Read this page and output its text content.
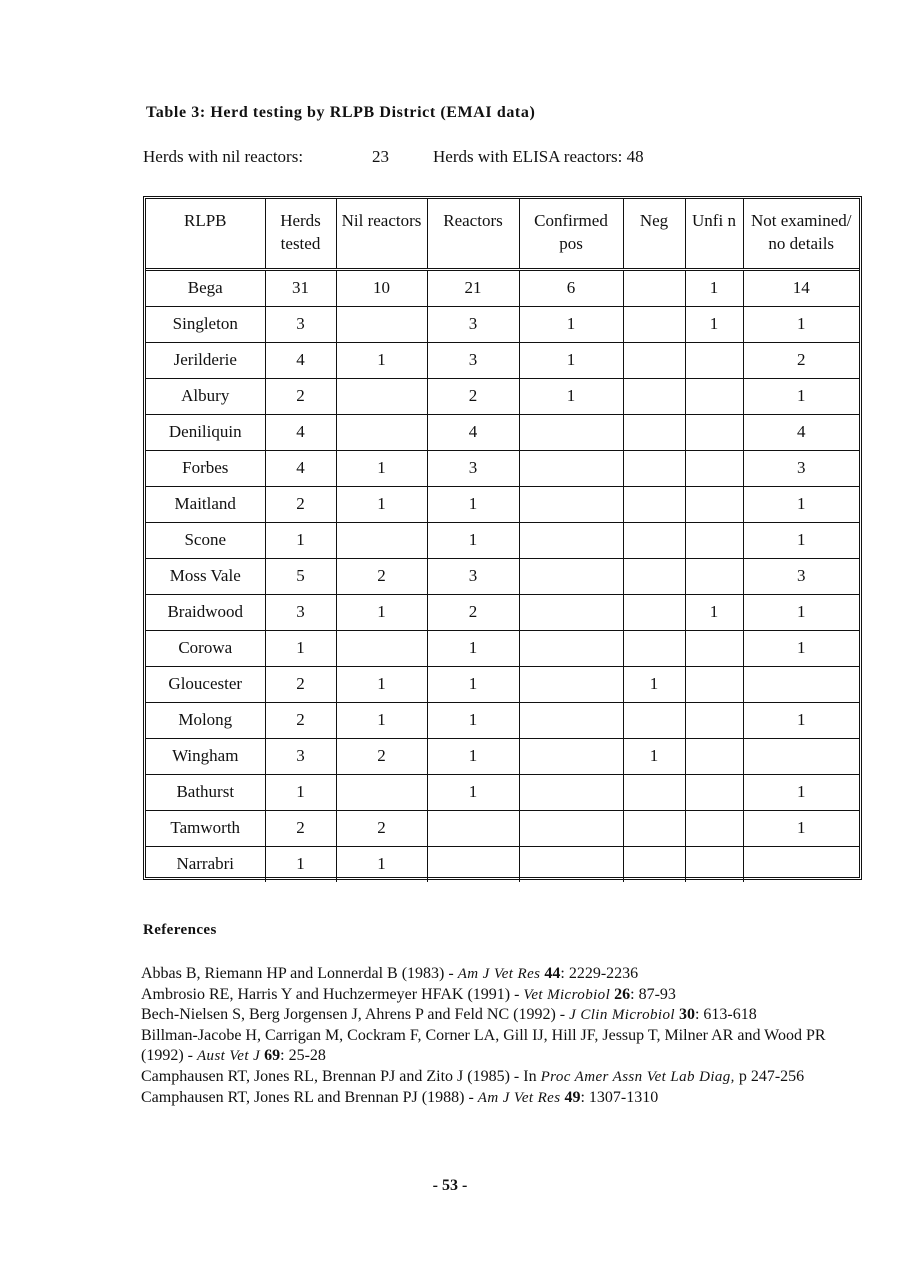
Table 3: Herd testing by RLPB District (EMAI data)
Herds with nil reactors:	23	Herds with ELISA reactors: 48
RLPB	Herds tested	Nil reactors	Reactors	Confirmed pos	Neg	Unfi n	Not examined/ no details
Bega	31	10	21	6		1	14
Singleton	3		3	1		1	1
Jerilderie	4	1	3	1			2
Albury	2		2	1			1
Deniliquin	4		4				4
Forbes	4	1	3				3
Maitland	2	1	1				1
Scone	1		1				1
Moss Vale	5	2	3				3
Braidwood	3	1	2			1	1
Corowa	1		1				1
Gloucester	2	1	1		1		
Molong	2	1	1				1
Wingham	3	2	1		1		
Bathurst	1		1				1
Tamworth	2	2					1
Narrabri	1	1					
References

Abbas B, Riemann HP and Lonnerdal B (1983) - Am J Vet Res 44: 2229-2236

Ambrosio RE, Harris Y and Huchzermeyer HFAK (1991) - Vet Microbiol 26: 87-93

Bech-Nielsen S, Berg Jorgensen J, Ahrens P and Feld NC (1992) - J Clin Microbiol 30: 613-618

Billman-Jacobe H, Carrigan M, Cockram F, Corner LA, Gill IJ, Hill JF, Jessup T, Milner AR and Wood PR (1992) - Aust Vet J 69: 25-28

Camphausen RT, Jones RL, Brennan PJ and Zito J (1985) - In Proc Amer Assn Vet Lab Diag, p 247-256

Camphausen RT, Jones RL and Brennan PJ (1988) - Am J Vet Res 49: 1307-1310

- 53 -
